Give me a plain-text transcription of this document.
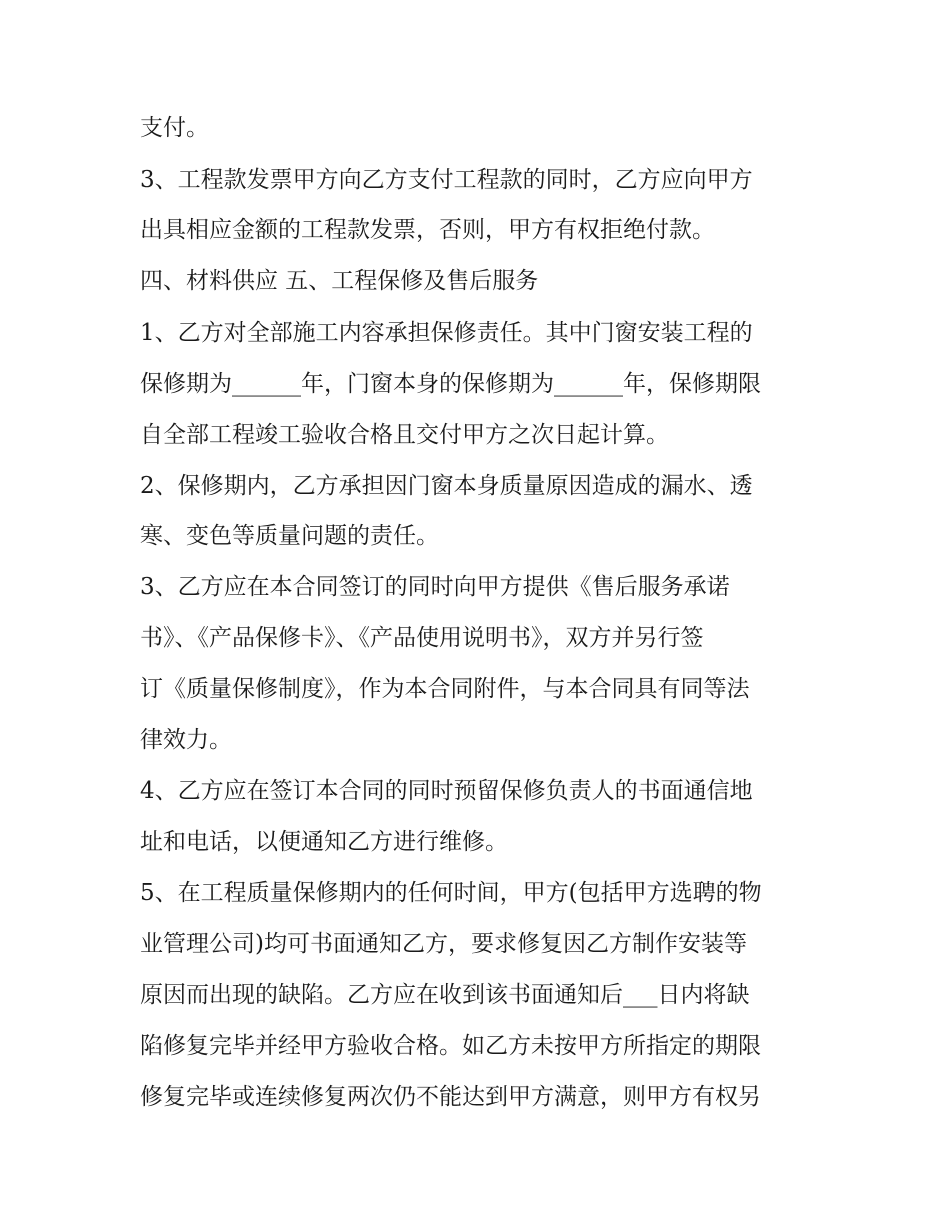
支付。

3、工程款发票甲方向乙方支付工程款的同时，乙方应向甲方

出具相应金额的工程款发票，否则，甲方有权拒绝付款。

四、材料供应 五、工程保修及售后服务

1、乙方对全部施工内容承担保修责任。其中门窗安装工程的

保修期为______年，门窗本身的保修期为______年，保修期限

自全部工程竣工验收合格且交付甲方之次日起计算。

2、保修期内，乙方承担因门窗本身质量原因造成的漏水、透

寒、变色等质量问题的责任。

3、乙方应在本合同签订的同时向甲方提供《售后服务承诺

书》、《产品保修卡》、《产品使用说明书》，双方并另行签

订《质量保修制度》，作为本合同附件，与本合同具有同等法

律效力。

4、乙方应在签订本合同的同时预留保修负责人的书面通信地

址和电话，以便通知乙方进行维修。

5、在工程质量保修期内的任何时间，甲方(包括甲方选聘的物

业管理公司)均可书面通知乙方，要求修复因乙方制作安装等

原因而出现的缺陷。乙方应在收到该书面通知后___日内将缺

陷修复完毕并经甲方验收合格。如乙方未按甲方所指定的期限

修复完毕或连续修复两次仍不能达到甲方满意，则甲方有权另
